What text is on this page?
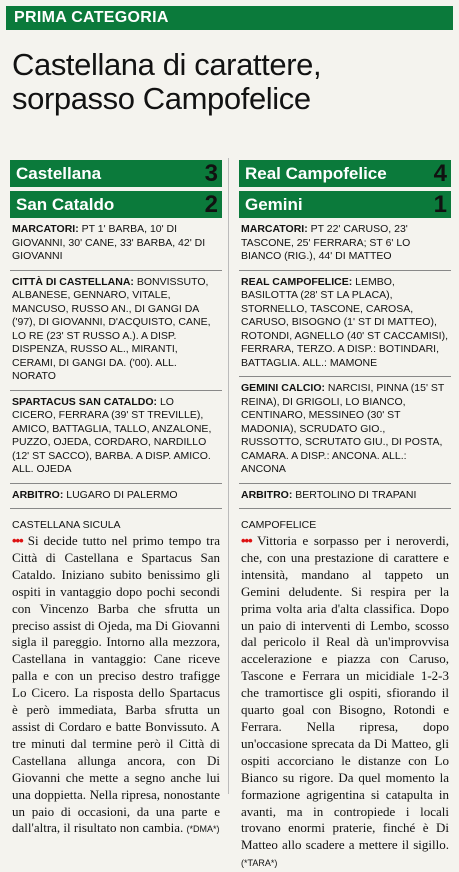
PRIMA CATEGORIA
Castellana di carattere,
sorpasso Campofelice
Castellana	3
San Cataldo	2
MARCATORI: PT 1' BARBA, 10' DI GIOVANNI, 30' CANE, 33' BARBA, 42' DI GIOVANNI
CITTÀ DI CASTELLANA: BONVISSUTO, ALBANESE, GENNARO, VITALE, MANCUSO, RUSSO AN., DI GANGI DA ('97), DI GIOVANNI, D'ACQUISTO, CANE, LO RE (23' ST RUSSO A.). A DISP. DISPENZA, RUSSO AL., MIRANTI, CERAMI, DI GANGI DA. ('00). ALL. NORATO
SPARTACUS SAN CATALDO: LO CICERO, FERRARA (39' ST TREVILLE), AMICO, BATTAGLIA, TALLO, ANZALONE, PUZZO, OJEDA, CORDARO, NARDILLO (12' ST SACCO), BARBA. A DISP. AMICO. ALL. OJEDA
ARBITRO: LUGARO DI PALERMO
CASTELLANA SICULA
••• Si decide tutto nel primo tempo tra Città di Castellana e Spartacus San Cataldo. Iniziano subito benissimo gli ospiti in vantaggio dopo pochi secondi con Vincenzo Barba che sfrutta un preciso assist di Ojeda, ma Di Giovanni sigla il pareggio. Intorno alla mezzora, Castellana in vantaggio: Cane riceve palla e con un preciso destro trafigge Lo Cicero. La risposta dello Spartacus è però immediata, Barba sfrutta un assist di Cordaro e batte Bonvissuto. A tre minuti dal termine però il Città di Castellana allunga ancora, con Di Giovanni che mette a segno anche lui una doppietta. Nella ripresa, nonostante un paio di occasioni, da una parte e dall'altra, il risultato non cambia. (*DMA*)
Real Campofelice 4
Gemini	1
MARCATORI: PT 22' CARUSO, 23' TASCONE, 25' FERRARA; ST 6' LO BIANCO (RIG.), 44' DI MATTEO
REAL CAMPOFELICE: LEMBO, BASILOTTA (28' ST LA PLACA), STORNELLO, TASCONE, CAROSA, CARUSO, BISOGNO (1' ST DI MATTEO), ROTONDI, AGNELLO (40' ST CACCAMISI), FERRARA, TERZO. A DISP.: BOTINDARI, BATTAGLIA. ALL.: MAMONE
GEMINI CALCIO: NARCISI, PINNA (15' ST REINA), DI GRIGOLI, LO BIANCO, CENTINARO, MESSINEO (30' ST MADONIA), SCRUDATO GIO., RUSSOTTO, SCRUTATO GIU., DI POSTA, CAMARA. A DISP.: ANCONA. ALL.: ANCONA
ARBITRO: BERTOLINO DI TRAPANI
CAMPOFELICE
••• Vittoria e sorpasso per i neroverdi, che, con una prestazione di carattere e intensità, mandano al tappeto un Gemini deludente. Si respira per la prima volta aria d'alta classifica. Dopo un paio di interventi di Lembo, scosso dal pericolo il Real dà un'improvvisa accelerazione e piazza con Caruso, Tascone e Ferrara un micidiale 1-2-3 che tramortisce gli ospiti, sfiorando il quarto goal con Bisogno, Rotondi e Ferrara. Nella ripresa, dopo un'occasione sprecata da Di Matteo, gli ospiti accorciano le distanze con Lo Bianco su rigore. Da quel momento la formazione agrigentina si catapulta in avanti, ma in contropiede i locali trovano enormi praterie, finché è Di Matteo allo scadere a mettere il sigillo. (*TARA*)
